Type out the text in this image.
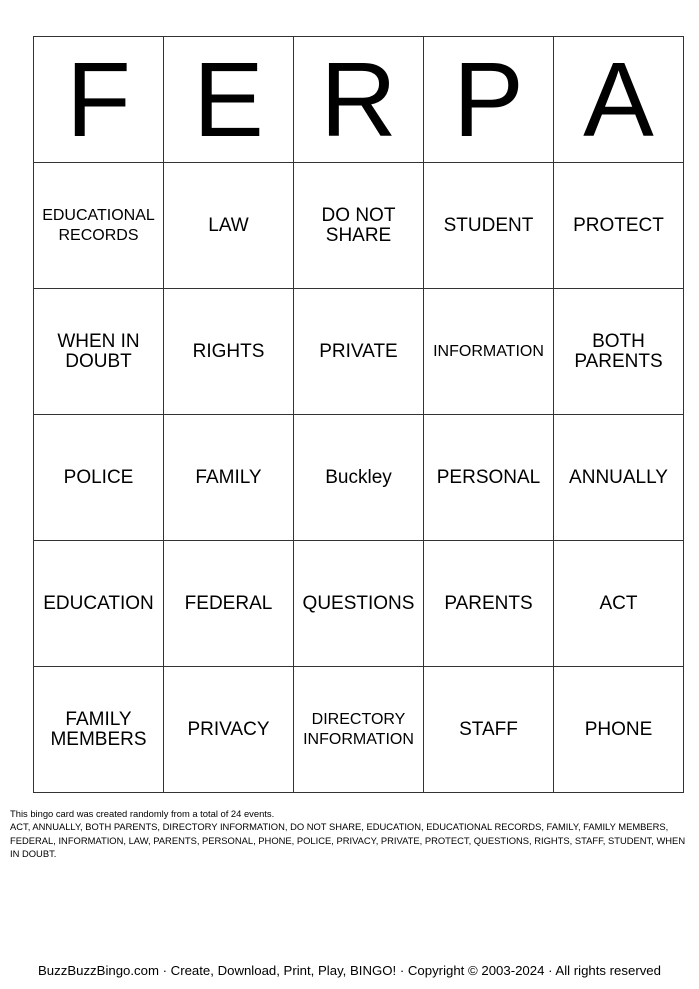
F	E	R	P	A
EDUCATIONAL RECORDS	LAW	DO NOT SHARE	STUDENT	PROTECT
WHEN IN DOUBT	RIGHTS	PRIVATE	INFORMATION	BOTH PARENTS
POLICE	FAMILY	Buckley	PERSONAL	ANNUALLY
EDUCATION	FEDERAL	QUESTIONS	PARENTS	ACT
FAMILY MEMBERS	PRIVACY	DIRECTORY INFORMATION	STAFF	PHONE

This bingo card was created randomly from a total of 24 events.

ACT, ANNUALLY, BOTH PARENTS, DIRECTORY INFORMATION, DO NOT SHARE, EDUCATION, EDUCATIONAL RECORDS, FAMILY, FAMILY MEMBERS, FEDERAL, INFORMATION, LAW, PARENTS, PERSONAL, PHONE, POLICE, PRIVACY, PRIVATE, PROTECT, QUESTIONS, RIGHTS, STAFF, STUDENT, WHEN IN DOUBT.

BuzzBuzzBingo.com · Create, Download, Print, Play, BINGO! · Copyright © 2003-2024 · All rights reserved
